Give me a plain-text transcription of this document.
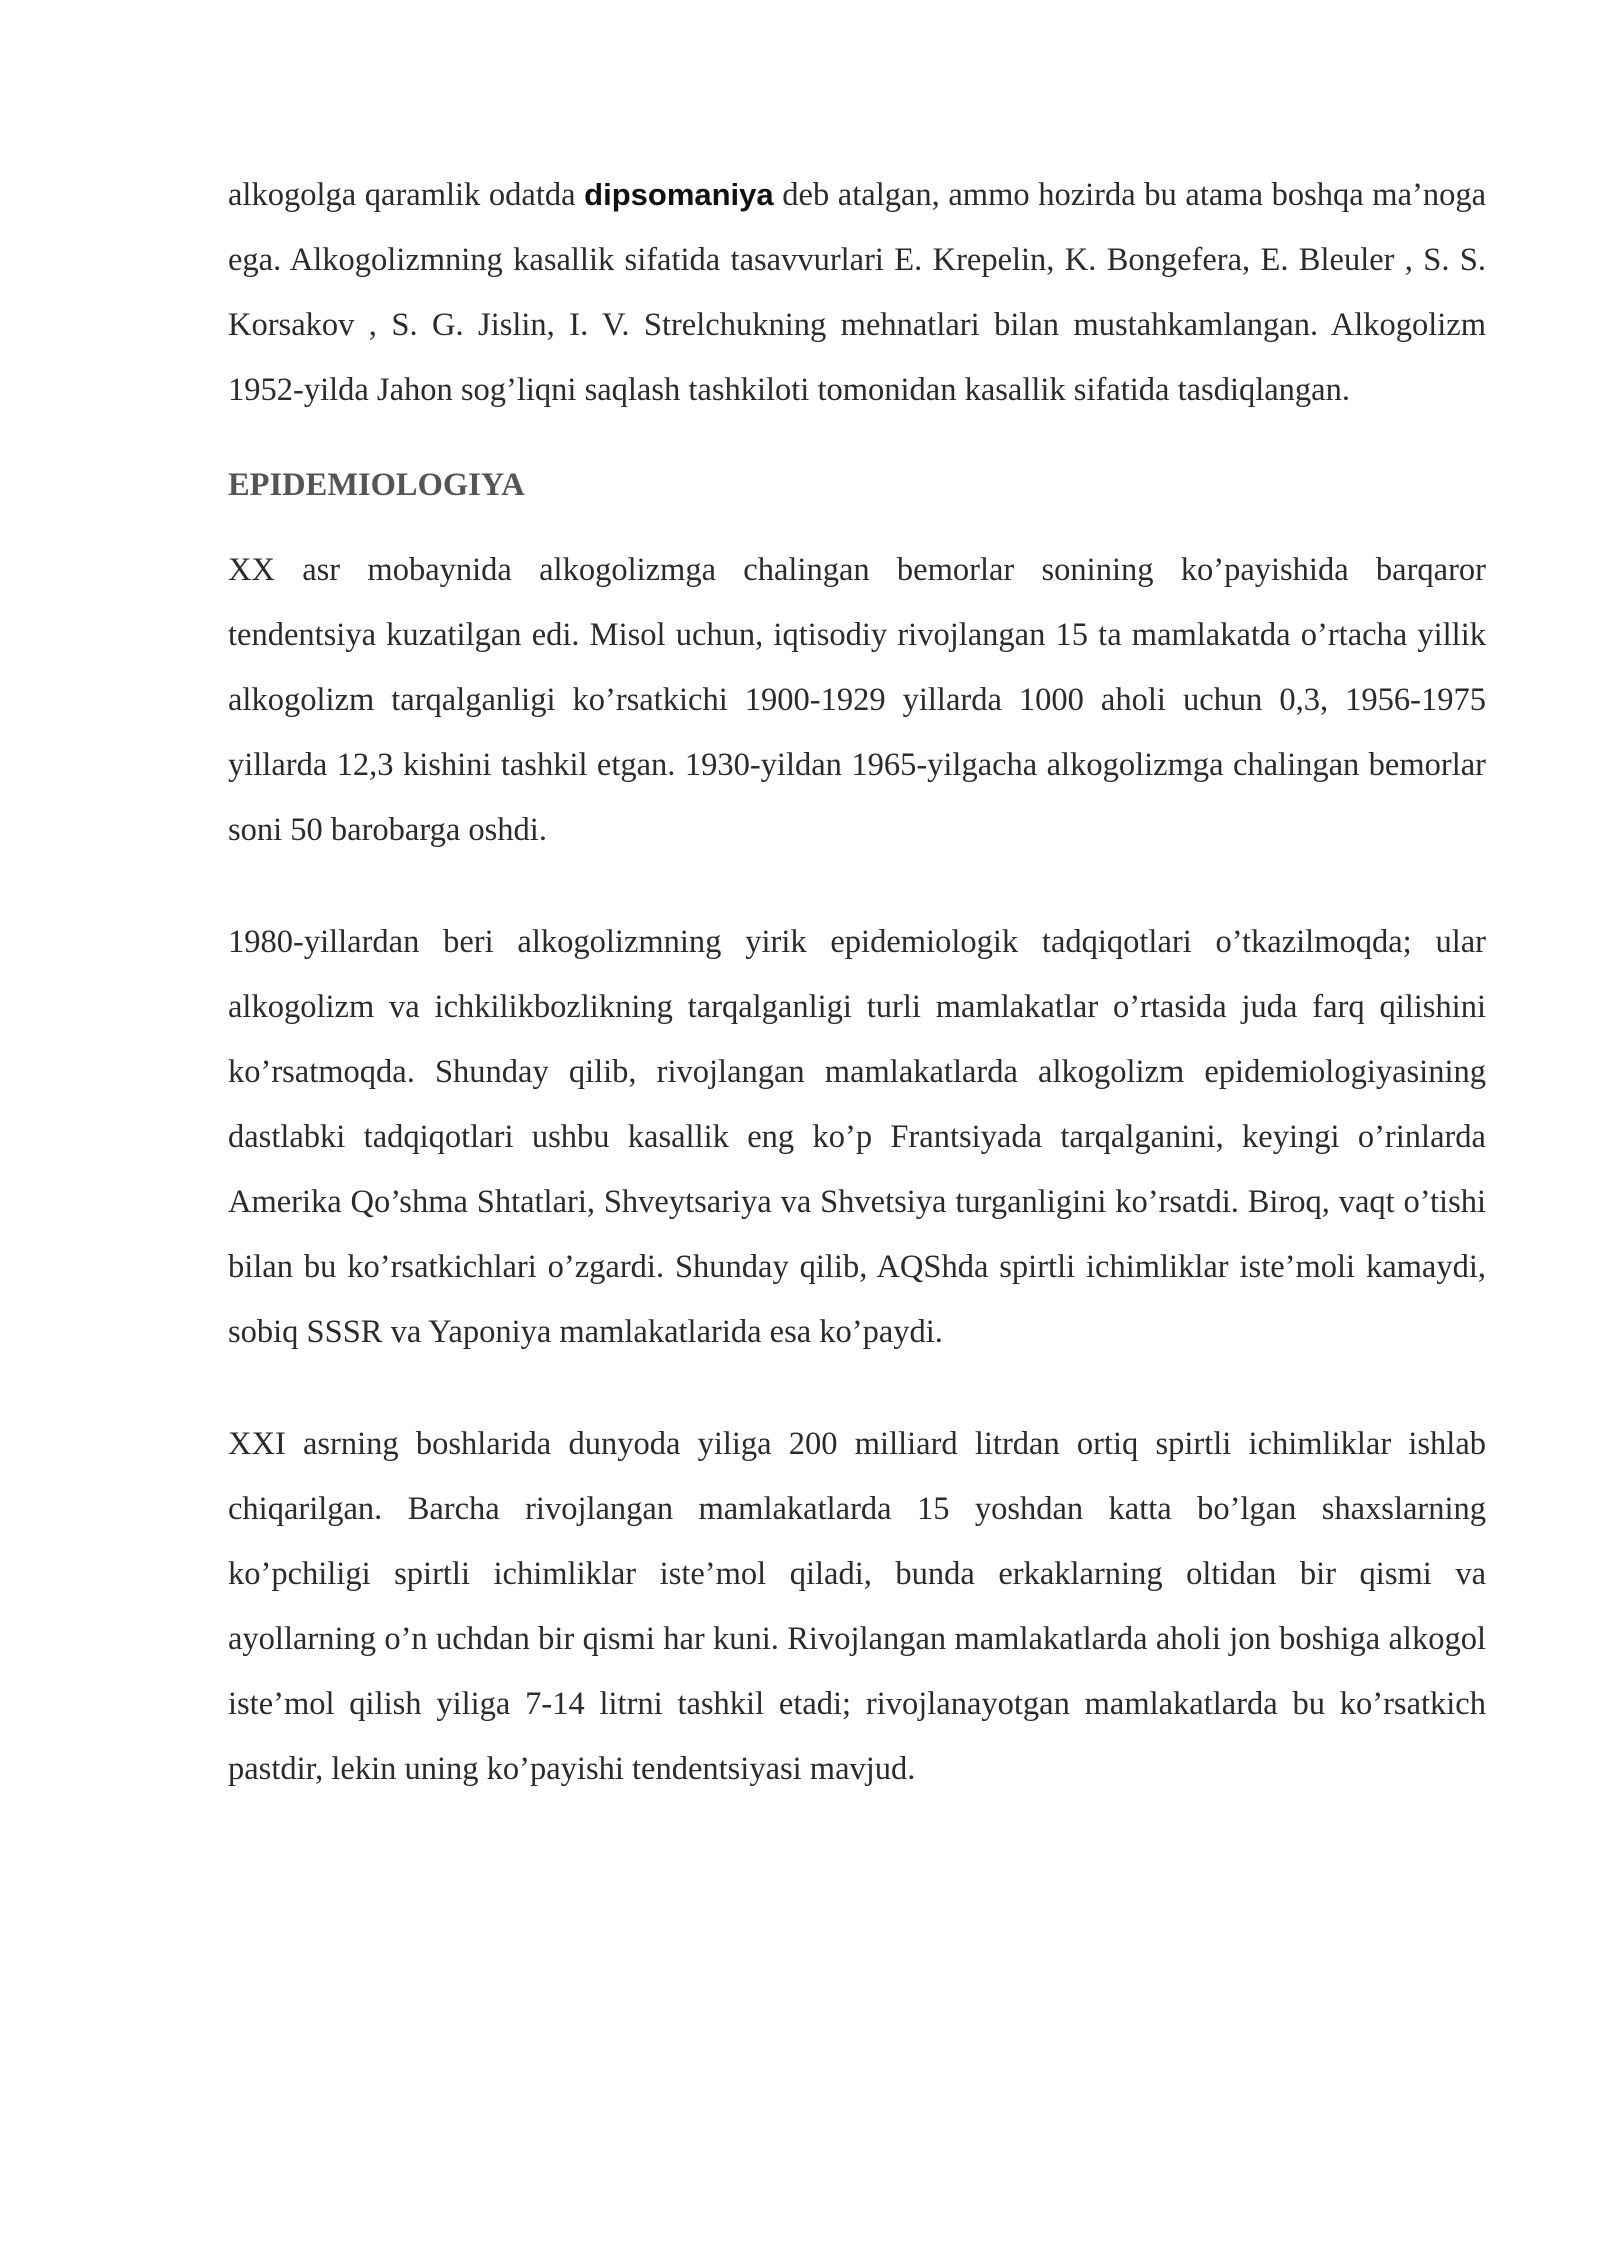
alkogolga qaramlik odatda dipsomaniya deb atalgan, ammo hozirda bu atama boshqa ma’noga ega. Alkogolizmning kasallik sifatida tasavvurlari E. Krepelin, K. Bongefera, E. Bleuler , S. S. Korsakov , S. G. Jislin, I. V. Strelchukning mehnatlari bilan mustahkamlangan. Alkogolizm 1952-yilda Jahon sog’liqni saqlash tashkiloti tomonidan kasallik sifatida tasdiqlangan.

EPIDEMIOLOGIYA

XX asr mobaynida alkogolizmga chalingan bemorlar sonining ko’payishida barqaror tendentsiya kuzatilgan edi. Misol uchun, iqtisodiy rivojlangan 15 ta mamlakatda o’rtacha yillik alkogolizm tarqalganligi ko’rsatkichi 1900-1929 yillarda 1000 aholi uchun 0,3, 1956-1975 yillarda 12,3 kishini tashkil etgan. 1930-yildan 1965-yilgacha alkogolizmga chalingan bemorlar soni 50 barobarga oshdi.

1980-yillardan beri alkogolizmning yirik epidemiologik tadqiqotlari o’tkazilmoqda; ular alkogolizm va ichkilikbozlikning tarqalganligi turli mamlakatlar o’rtasida juda farq qilishini ko’rsatmoqda. Shunday qilib, rivojlangan mamlakatlarda alkogolizm epidemiologiyasining dastlabki tadqiqotlari ushbu kasallik eng ko’p Frantsiyada tarqalganini, keyingi o’rinlarda Amerika Qo’shma Shtatlari, Shveytsariya va Shvetsiya turganligini ko’rsatdi. Biroq, vaqt o’tishi bilan bu ko’rsatkichlari o’zgardi. Shunday qilib, AQShda spirtli ichimliklar iste’moli kamaydi, sobiq SSSR va Yaponiya mamlakatlarida esa ko’paydi.

XXI asrning boshlarida dunyoda yiliga 200 milliard litrdan ortiq spirtli ichimliklar ishlab chiqarilgan. Barcha rivojlangan mamlakatlarda 15 yoshdan katta bo’lgan shaxslarning ko’pchiligi spirtli ichimliklar iste’mol qiladi, bunda erkaklarning oltidan bir qismi va ayollarning o’n uchdan bir qismi har kuni. Rivojlangan mamlakatlarda aholi jon boshiga alkogol iste’mol qilish yiliga 7-14 litrni tashkil etadi; rivojlanayotgan mamlakatlarda bu ko’rsatkich pastdir, lekin uning ko’payishi tendentsiyasi mavjud.
